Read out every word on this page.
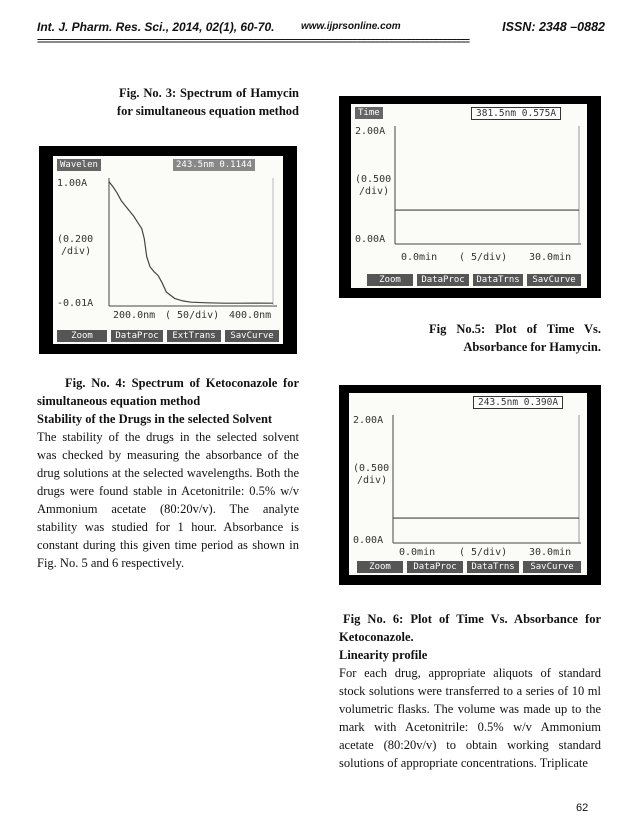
Int. J. Pharm. Res. Sci., 2014, 02(1), 60-70.	www.ijprsonline.com	ISSN: 2348 –0882
================================================================================================

Fig. No. 3: Spectrum of Hamycin for simultaneous equation method

Wavelen	243.5nm 0.1144
1.00A
(0.200
/div)
-0.01A
200.0nm ( 50/div) 400.0nm
Zoom	DataProc	ExtTrans	SavCurve

Fig. No. 4: Spectrum of Ketoconazole for simultaneous equation method

Stability of the Drugs in the selected Solvent

The stability of the drugs in the selected solvent was checked by measuring the absorbance of the drug solutions at the selected wavelengths. Both the drugs were found stable in Acetonitrile: 0.5% w/v Ammonium acetate (80:20v/v). The analyte stability was studied for 1 hour. Absorbance is constant during this given time period as shown in Fig. No. 5 and 6 respectively.

Time	381.5nm 0.575A
2.00A
(0.500
/div)
0.00A
0.0min ( 5/div) 30.0min
Zoom	DataProc	DataTrns	SavCurve

Fig No.5: Plot of Time Vs. Absorbance for Hamycin.

243.5nm 0.390A
2.00A
(0.500
/div)
0.00A
0.0min ( 5/div) 30.0min
Zoom	DataProc	DataTrns	SavCurve

Fig No. 6: Plot of Time Vs. Absorbance for Ketoconazole.

Linearity profile

For each drug, appropriate aliquots of standard stock solutions were transferred to a series of 10 ml volumetric flasks. The volume was made up to the mark with Acetonitrile: 0.5% w/v Ammonium acetate (80:20v/v) to obtain working standard solutions of appropriate concentrations. Triplicate

62
